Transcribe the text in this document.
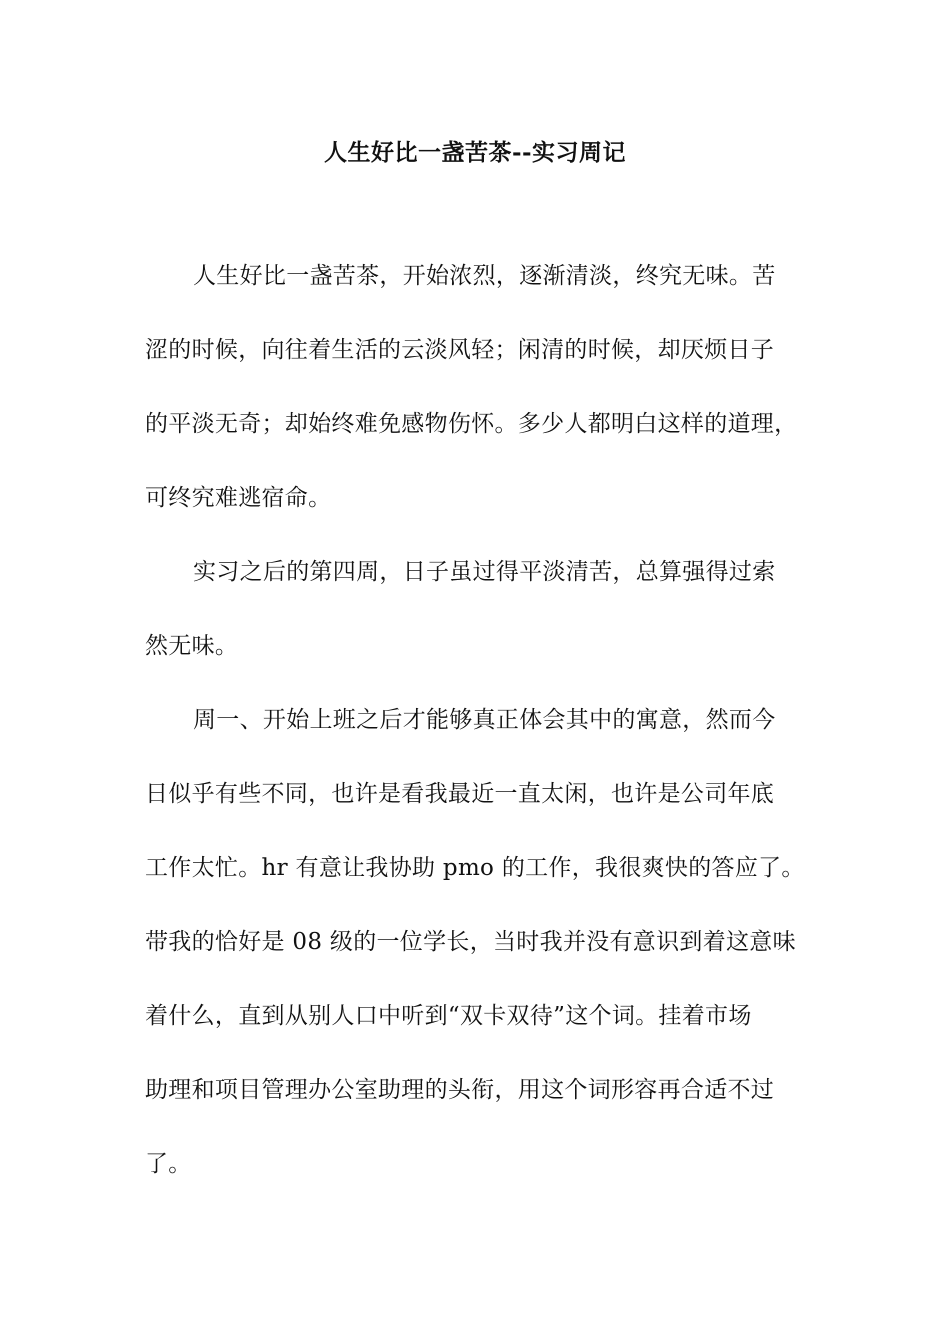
人生好比一盏苦茶--实习周记
人生好比一盏苦茶，开始浓烈，逐渐清淡，终究无味。苦
涩的时候，向往着生活的云淡风轻；闲清的时候，却厌烦日子
的平淡无奇；却始终难免感物伤怀。多少人都明白这样的道理，
可终究难逃宿命。
实习之后的第四周，日子虽过得平淡清苦，总算强得过索
然无味。
周一、开始上班之后才能够真正体会其中的寓意，然而今
日似乎有些不同，也许是看我最近一直太闲，也许是公司年底
工作太忙。hr 有意让我协助 pmo 的工作，我很爽快的答应了。
带我的恰好是 08 级的一位学长，当时我并没有意识到着这意味
着什么，直到从别人口中听到“双卡双待”这个词。挂着市场
助理和项目管理办公室助理的头衔，用这个词形容再合适不过
了。
